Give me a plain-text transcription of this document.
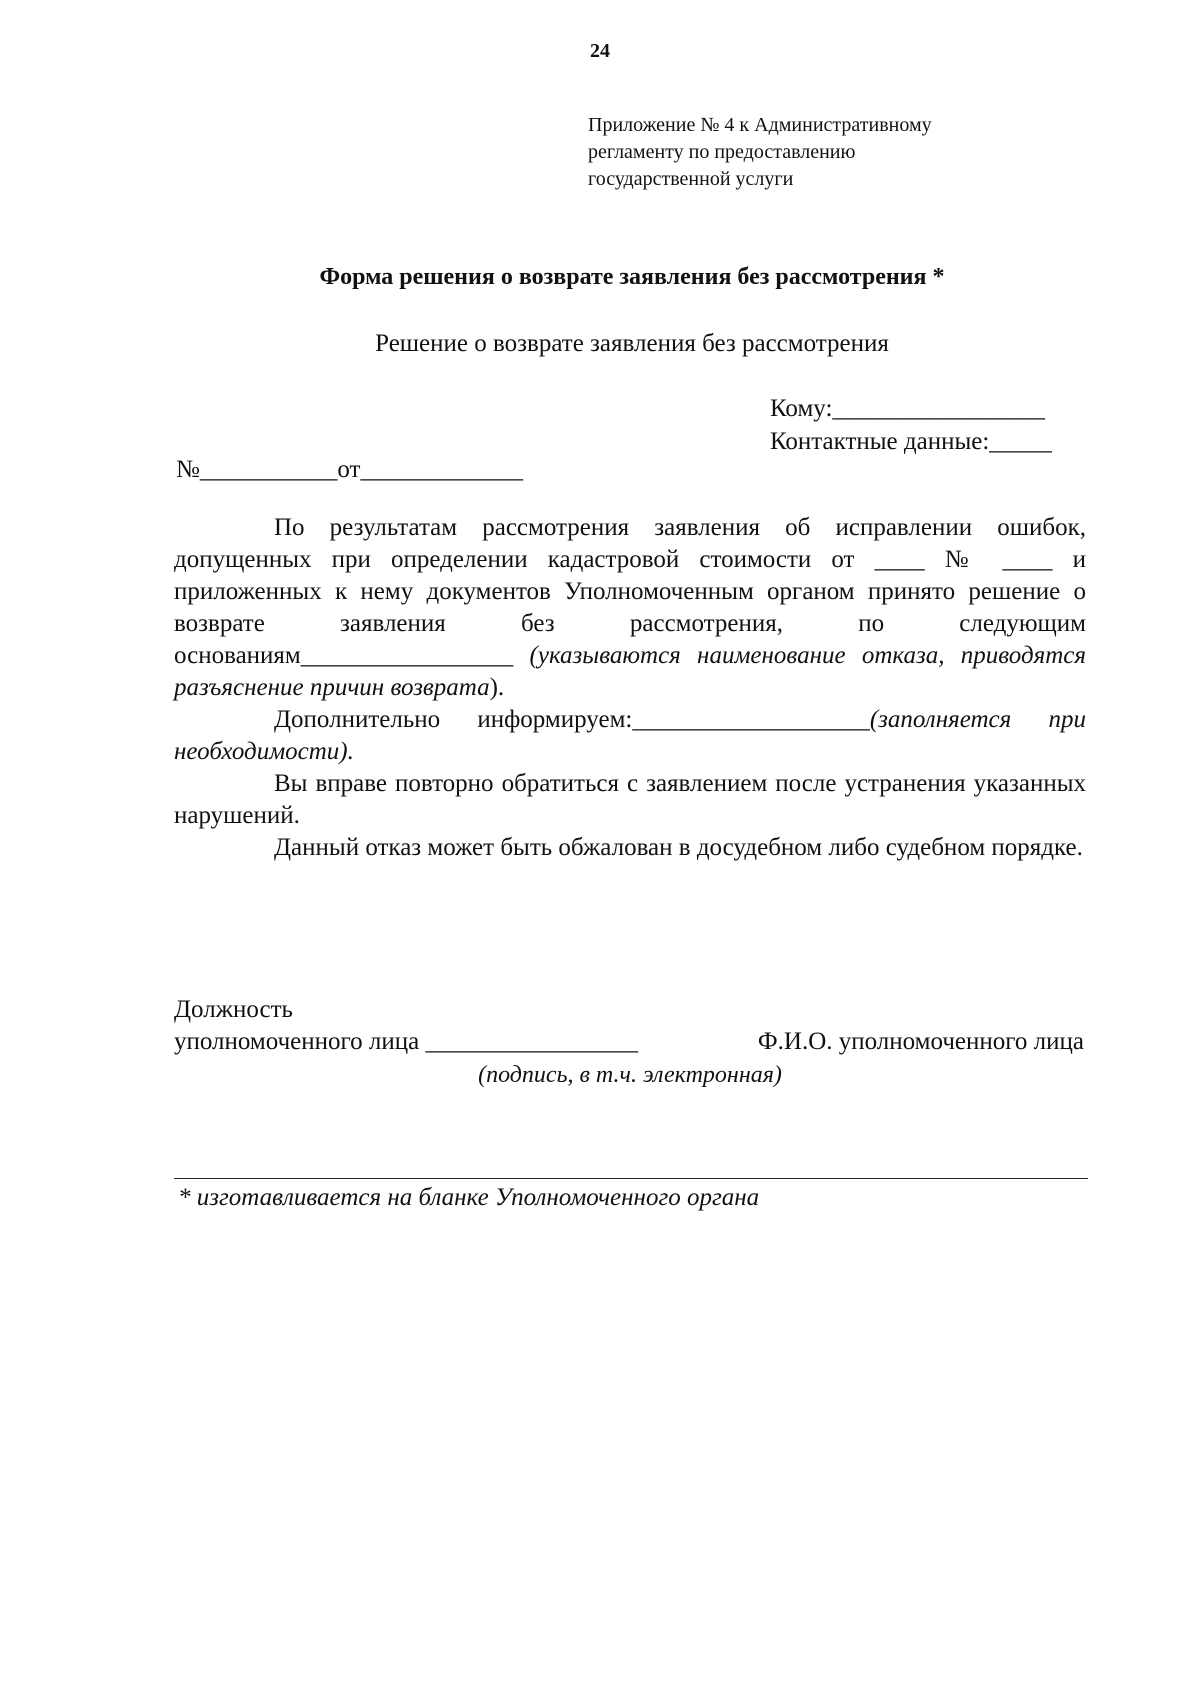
24
Приложение № 4 к Административному
регламенту по предоставлению
государственной услуги
Форма решения о возврате заявления без рассмотрения *
Решение о возврате заявления без рассмотрения
Кому:_________________
Контактные данные:_____
№___________от_____________

По результатам рассмотрения заявления об исправлении ошибок, допущенных при определении кадастровой стоимости от ____ № ____ и приложенных к нему документов Уполномоченным органом принято решение о возврате заявления без рассмотрения, по следующим основаниям_________________ (указываются наименование отказа, приводятся разъяснение причин возврата).

Дополнительно информируем:___________________(заполняется при необходимости).

Вы вправе повторно обратиться с заявлением после устранения указанных нарушений.

Данный отказ может быть обжалован в досудебном либо судебном порядке.

Должность
уполномоченного лица _________________	Ф.И.О. уполномоченного лица
(подпись, в т.ч. электронная)
* изготавливается на бланке Уполномоченного органа
